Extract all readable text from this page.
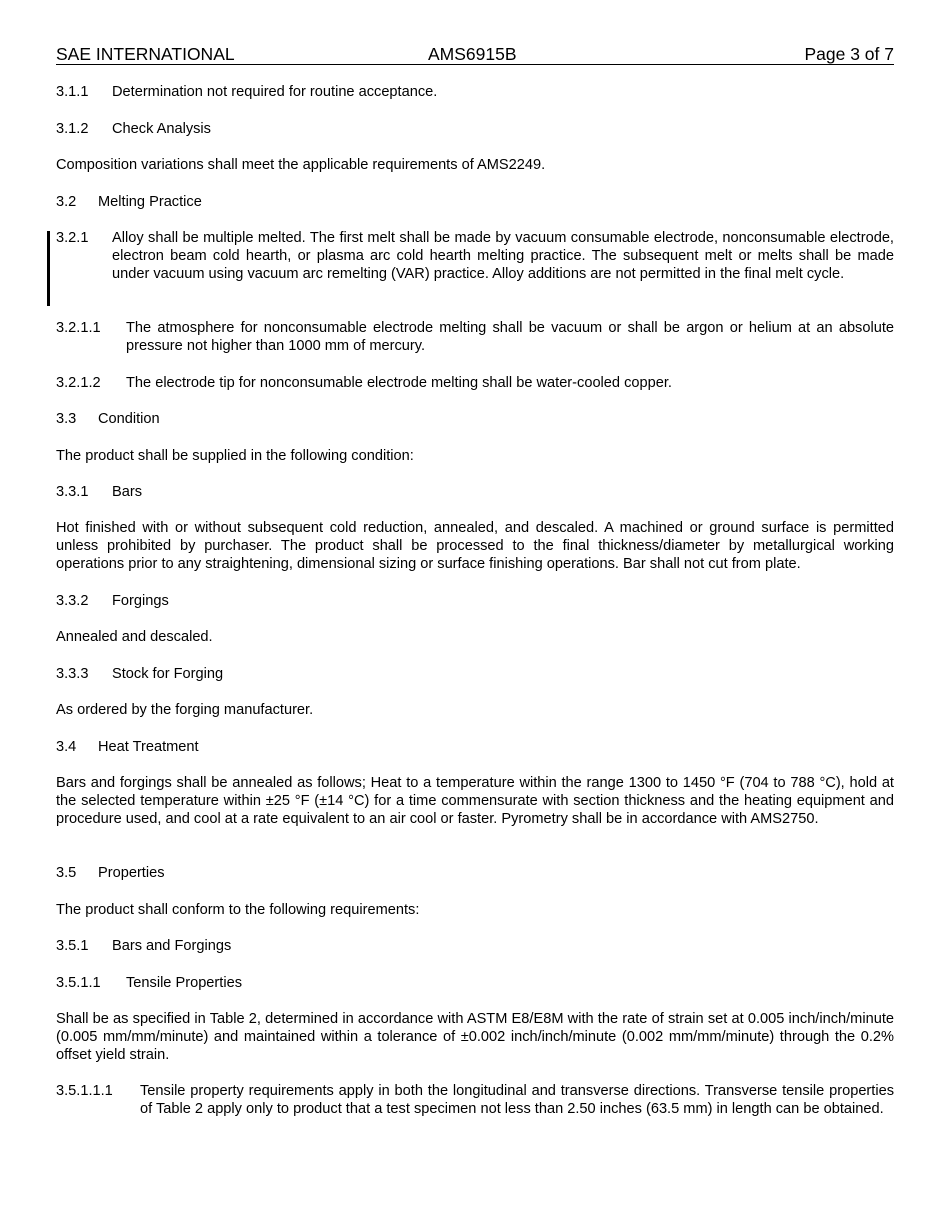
SAE INTERNATIONAL	AMS6915B	Page 3 of 7
3.1.1	Determination not required for routine acceptance.
3.1.2	Check Analysis
Composition variations shall meet the applicable requirements of AMS2249.
3.2	Melting Practice
3.2.1	Alloy shall be multiple melted. The first melt shall be made by vacuum consumable electrode, nonconsumable electrode, electron beam cold hearth, or plasma arc cold hearth melting practice. The subsequent melt or melts shall be made under vacuum using vacuum arc remelting (VAR) practice. Alloy additions are not permitted in the final melt cycle.
3.2.1.1	The atmosphere for nonconsumable electrode melting shall be vacuum or shall be argon or helium at an absolute pressure not higher than 1000 mm of mercury.
3.2.1.2	The electrode tip for nonconsumable electrode melting shall be water-cooled copper.
3.3	Condition
The product shall be supplied in the following condition:
3.3.1	Bars
Hot finished with or without subsequent cold reduction, annealed, and descaled. A machined or ground surface is permitted unless prohibited by purchaser. The product shall be processed to the final thickness/diameter by metallurgical working operations prior to any straightening, dimensional sizing or surface finishing operations. Bar shall not cut from plate.
3.3.2	Forgings
Annealed and descaled.
3.3.3	Stock for Forging
As ordered by the forging manufacturer.
3.4	Heat Treatment
Bars and forgings shall be annealed as follows; Heat to a temperature within the range 1300 to 1450 °F (704 to 788 °C), hold at the selected temperature within ±25 °F (±14 °C) for a time commensurate with section thickness and the heating equipment and procedure used, and cool at a rate equivalent to an air cool or faster. Pyrometry shall be in accordance with AMS2750.
3.5	Properties
The product shall conform to the following requirements:
3.5.1	Bars and Forgings
3.5.1.1	Tensile Properties
Shall be as specified in Table 2, determined in accordance with ASTM E8/E8M with the rate of strain set at 0.005 inch/inch/minute (0.005 mm/mm/minute) and maintained within a tolerance of ±0.002 inch/inch/minute (0.002 mm/mm/minute) through the 0.2% offset yield strain.
3.5.1.1.1	Tensile property requirements apply in both the longitudinal and transverse directions. Transverse tensile properties of Table 2 apply only to product that a test specimen not less than 2.50 inches (63.5 mm) in length can be obtained.
